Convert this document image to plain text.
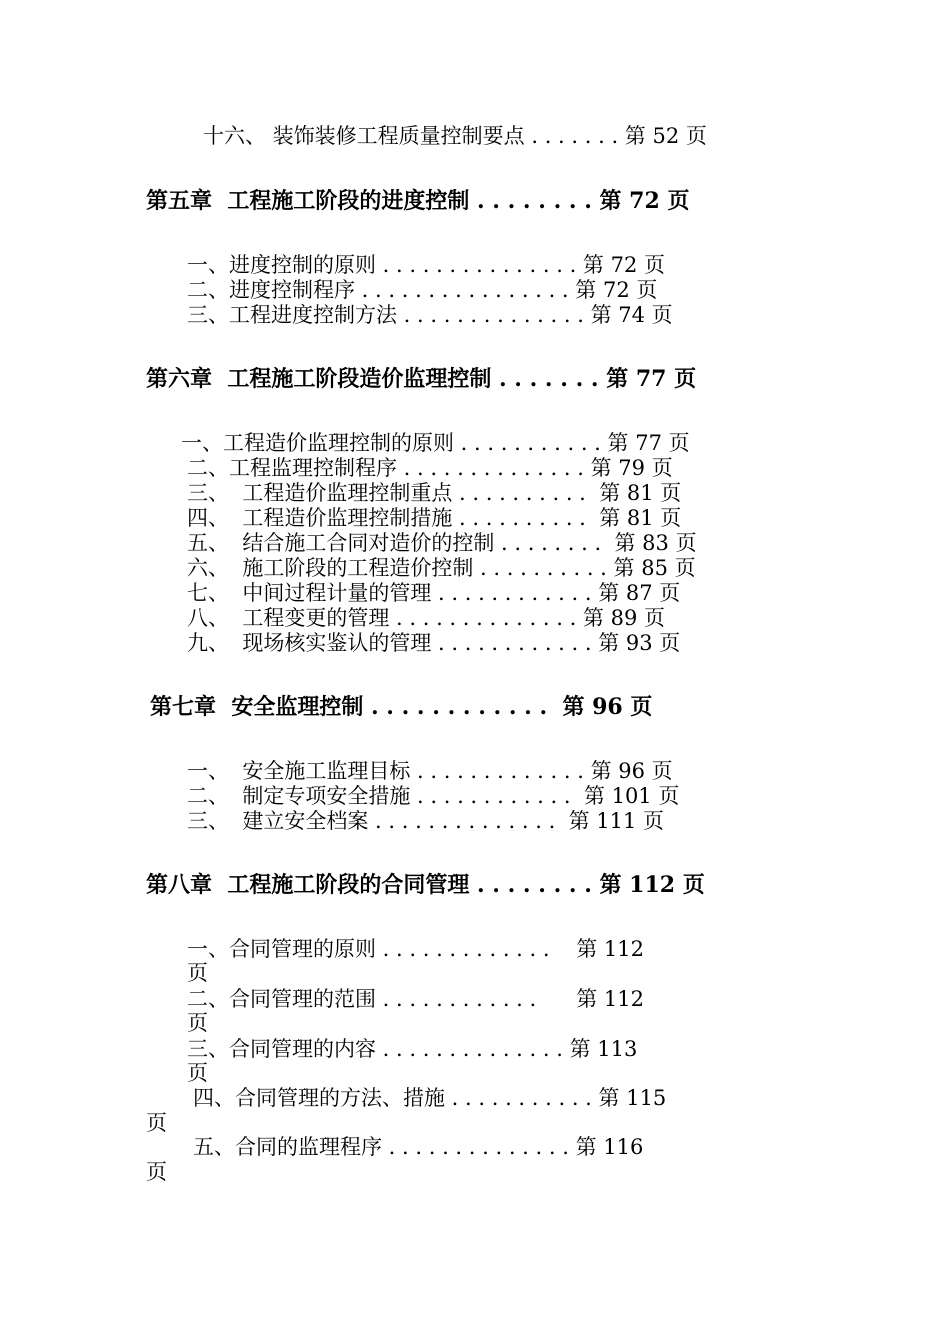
十六、 装饰装修工程质量控制要点 . . . . . . . 第 52 页
第五章  工程施工阶段的进度控制 . . . . . . . . 第 72 页
一、进度控制的原则 . . . . . . . . . . . . . . . 第 72 页
二、进度控制程序 . . . . . . . . . . . . . . . . 第 72 页
三、工程进度控制方法 . . . . . . . . . . . . . . 第 74 页
第六章  工程施工阶段造价监理控制 . . . . . . . 第 77 页
一、工程造价监理控制的原则 . . . . . . . . . . . 第 77 页
二、工程监理控制程序 . . . . . . . . . . . . . . 第 79 页
三、  工程造价监理控制重点 . . . . . . . . . .  第 81 页
四、  工程造价监理控制措施 . . . . . . . . . .  第 81 页
五、  结合施工合同对造价的控制 . . . . . . . .  第 83 页
六、  施工阶段的工程造价控制 . . . . . . . . . . 第 85 页
七、  中间过程计量的管理 . . . . . . . . . . . . 第 87 页
八、  工程变更的管理 . . . . . . . . . . . . . . 第 89 页
九、  现场核实鉴认的管理 . . . . . . . . . . . . 第 93 页
第七章  安全监理控制 . . . . . . . . . . . .  第 96 页
一、  安全施工监理目标 . . . . . . . . . . . . . 第 96 页
二、  制定专项安全措施 . . . . . . . . . . . .  第 101 页
三、  建立安全档案 . . . . . . . . . . . . . .  第 111 页
第八章  工程施工阶段的合同管理 . . . . . . . . 第 112 页
一、合同管理的原则 . . . . . . . . . . . . .    第 112
页
二、合同管理的范围 . . . . . . . . . . . .      第 112
页
三、合同管理的内容 . . . . . . . . . . . . . . 第 113
页
四、合同管理的方法、措施 . . . . . . . . . . . 第 115
页
五、合同的监理程序 . . . . . . . . . . . . . . 第 116
页
